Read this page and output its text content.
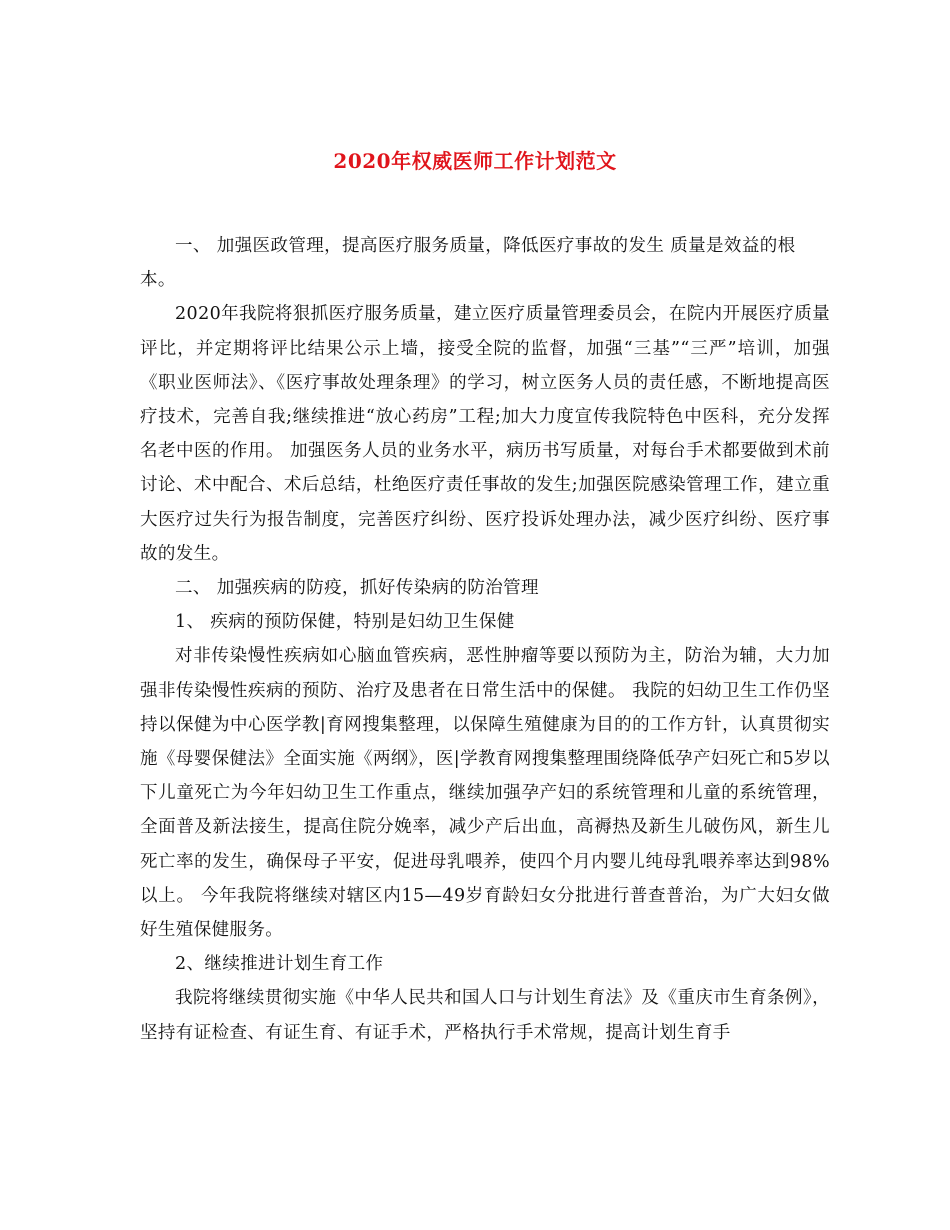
2020年权威医师工作计划范文

一、 加强医政管理，提高医疗服务质量，降低医疗事故的发生 质量是效益的根本。

2020年我院将狠抓医疗服务质量，建立医疗质量管理委员会，在院内开展医疗质量评比，并定期将评比结果公示上墙，接受全院的监督，加强“三基”“三严”培训，加强《职业医师法》、《医疗事故处理条理》的学习，树立医务人员的责任感，不断地提高医疗技术，完善自我;继续推进“放心药房”工程;加大力度宣传我院特色中医科，充分发挥名老中医的作用。 加强医务人员的业务水平，病历书写质量，对每台手术都要做到术前讨论、术中配合、术后总结，杜绝医疗责任事故的发生;加强医院感染管理工作，建立重大医疗过失行为报告制度，完善医疗纠纷、医疗投诉处理办法，减少医疗纠纷、医疗事故的发生。

二、 加强疾病的防疫，抓好传染病的防治管理

1、 疾病的预防保健，特别是妇幼卫生保健

对非传染慢性疾病如心脑血管疾病，恶性肿瘤等要以预防为主，防治为辅，大力加强非传染慢性疾病的预防、治疗及患者在日常生活中的保健。 我院的妇幼卫生工作仍坚持以保健为中心医学教|育网搜集整理，以保障生殖健康为目的的工作方针，认真贯彻实施《母婴保健法》全面实施《两纲》，医|学教育网搜集整理围绕降低孕产妇死亡和5岁以下儿童死亡为今年妇幼卫生工作重点，继续加强孕产妇的系统管理和儿童的系统管理，全面普及新法接生，提高住院分娩率，减少产后出血，高褥热及新生儿破伤风，新生儿死亡率的发生，确保母子平安，促进母乳喂养，使四个月内婴儿纯母乳喂养率达到98%以上。 今年我院将继续对辖区内15—49岁育龄妇女分批进行普查普治，为广大妇女做好生殖保健服务。

2、继续推进计划生育工作

我院将继续贯彻实施《中华人民共和国人口与计划生育法》及《重庆市生育条例》，坚持有证检查、有证生育、有证手术，严格执行手术常规，提高计划生育手
